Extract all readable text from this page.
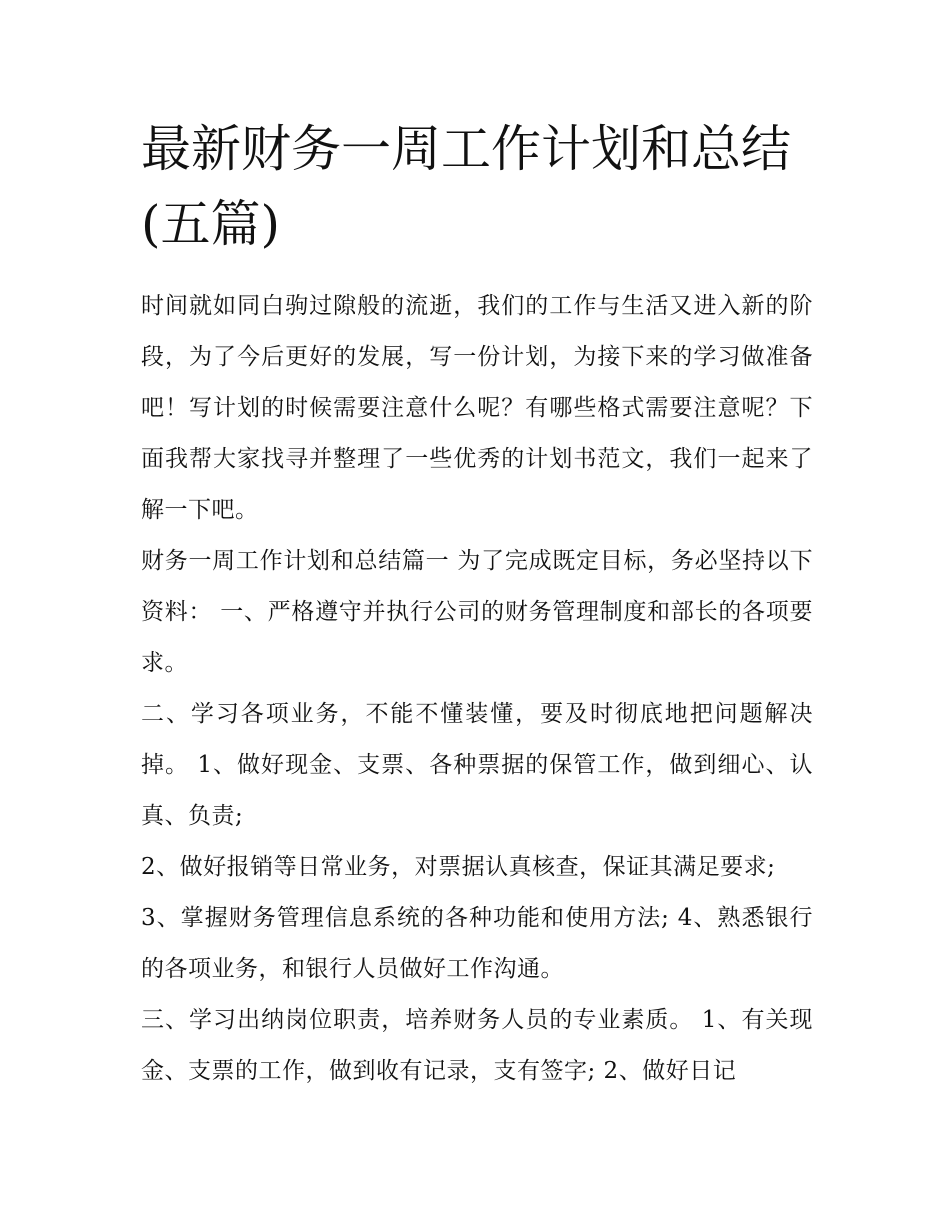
最新财务一周工作计划和总结(五篇)

时间就如同白驹过隙般的流逝，我们的工作与生活又进入新的阶段，为了今后更好的发展，写一份计划，为接下来的学习做准备吧！写计划的时候需要注意什么呢？有哪些格式需要注意呢？下面我帮大家找寻并整理了一些优秀的计划书范文，我们一起来了解一下吧。

财务一周工作计划和总结篇一 为了完成既定目标，务必坚持以下资料： 一、严格遵守并执行公司的财务管理制度和部长的各项要求。

二、学习各项业务，不能不懂装懂，要及时彻底地把问题解决掉。 1、做好现金、支票、各种票据的保管工作，做到细心、认真、负责;

2、做好报销等日常业务，对票据认真核查，保证其满足要求;

3、掌握财务管理信息系统的各种功能和使用方法; 4、熟悉银行的各项业务，和银行人员做好工作沟通。

三、学习出纳岗位职责，培养财务人员的专业素质。 1、有关现金、支票的工作，做到收有记录，支有签字; 2、做好日记
